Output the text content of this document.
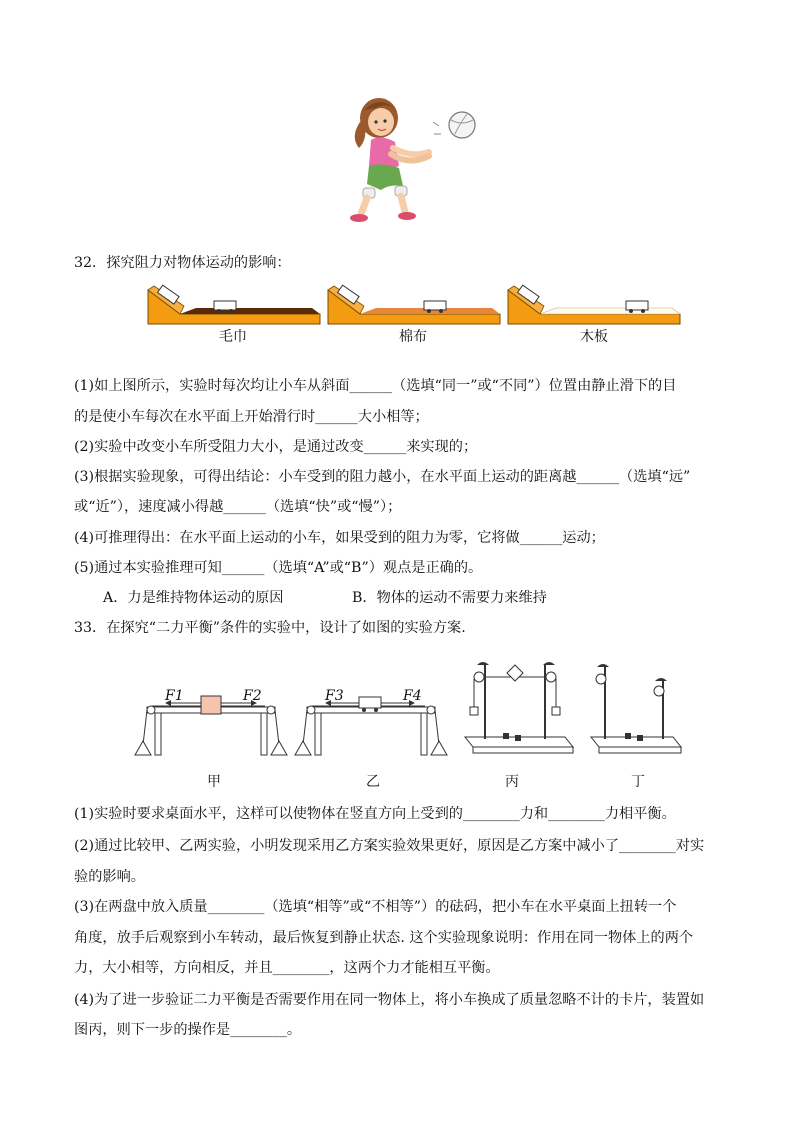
32．探究阻力对物体运动的影响：
毛巾	棉布	木板
(1)如上图所示，实验时每次均让小车从斜面______（选填“同一”或“不同”）位置由静止滑下的目
的是使小车每次在水平面上开始滑行时______大小相等；
(2)实验中改变小车所受阻力大小，是通过改变______来实现的；
(3)根据实验现象，可得出结论：小车受到的阻力越小，在水平面上运动的距离越______（选填“远”
或“近”），速度减小得越______（选填“快”或“慢”）；
(4)可推理得出：在水平面上运动的小车，如果受到的阻力为零，它将做______运动；
(5)通过本实验推理可知______（选填“A”或“B”）观点是正确的。
A．力是维持物体运动的原因	B．物体的运动不需要力来维持
33．在探究“二力平衡”条件的实验中，设计了如图的实验方案.
F1	F2	F3	F4
甲	乙	丙	丁
(1)实验时要求桌面水平，这样可以使物体在竖直方向上受到的________力和________力相平衡。
(2)通过比较甲、乙两实验，小明发现采用乙方案实验效果更好，原因是乙方案中减小了________对实
验的影响。
(3)在两盘中放入质量________（选填“相等”或“不相等”）的砝码，把小车在水平桌面上扭转一个
角度，放手后观察到小车转动，最后恢复到静止状态. 这个实验现象说明：作用在同一物体上的两个
力，大小相等，方向相反，并且________，这两个力才能相互平衡。
(4)为了进一步验证二力平衡是否需要作用在同一物体上，将小车换成了质量忽略不计的卡片，装置如
图丙，则下一步的操作是________。
